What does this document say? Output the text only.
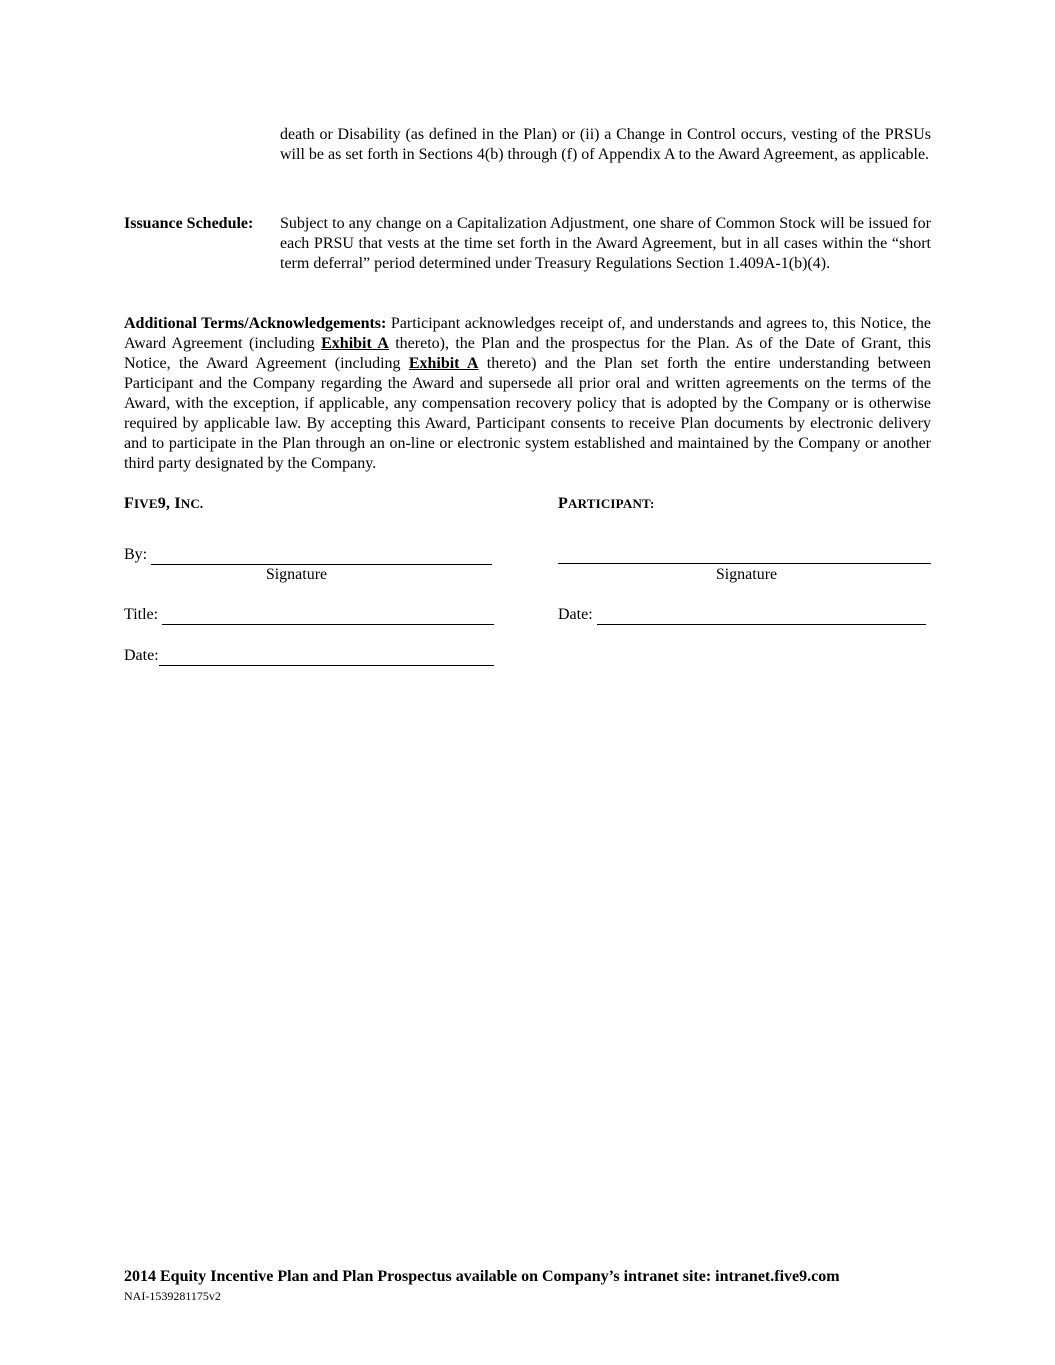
death or Disability (as defined in the Plan) or (ii) a Change in Control occurs, vesting of the PRSUs will be as set forth in Sections 4(b) through (f) of Appendix A to the Award Agreement, as applicable.
Issuance Schedule: Subject to any change on a Capitalization Adjustment, one share of Common Stock will be issued for each PRSU that vests at the time set forth in the Award Agreement, but in all cases within the “short term deferral” period determined under Treasury Regulations Section 1.409A-1(b)(4).
Additional Terms/Acknowledgements: Participant acknowledges receipt of, and understands and agrees to, this Notice, the Award Agreement (including Exhibit A thereto), the Plan and the prospectus for the Plan. As of the Date of Grant, this Notice, the Award Agreement (including Exhibit A thereto) and the Plan set forth the entire understanding between Participant and the Company regarding the Award and supersede all prior oral and written agreements on the terms of the Award, with the exception, if applicable, any compensation recovery policy that is adopted by the Company or is otherwise required by applicable law. By accepting this Award, Participant consents to receive Plan documents by electronic delivery and to participate in the Plan through an on-line or electronic system established and maintained by the Company or another third party designated by the Company.
FIVE9, INC.	PARTICIPANT:
By:
Signature	Signature
Title:	Date:
Date:
2014 Equity Incentive Plan and Plan Prospectus available on Company’s intranet site: intranet.five9.com
NAI-1539281175v2
